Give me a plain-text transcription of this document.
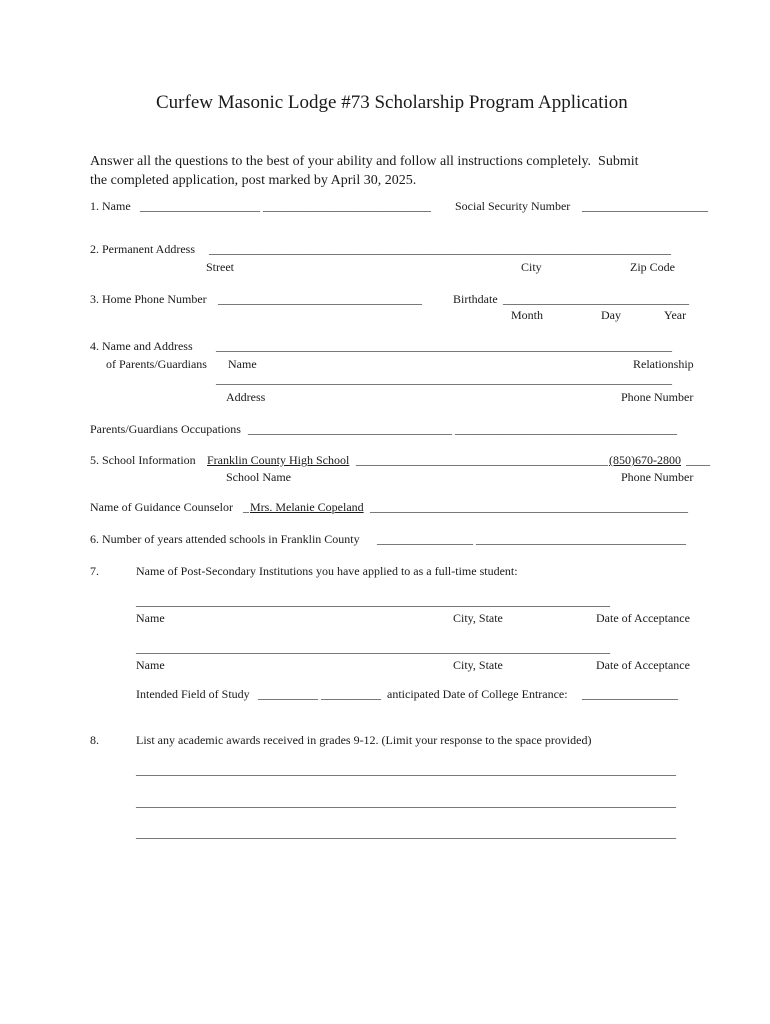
Curfew Masonic Lodge #73 Scholarship Program Application
Answer all the questions to the best of your ability and follow all instructions completely.  Submit
the completed application, post marked by April 30, 2025.
1. Name ____________________ ____________________________ Social Security Number _____________________
2. Permanent Address _____________________________________________________________________________
Street	City	Zip Code
3. Home Phone Number __________________________________	Birthdate _______________________________
Month	Day	Year
4. Name and Address
of Parents/Guardians
____________________________________________________________________________
Name	Relationship
____________________________________________________________________________
Address	Phone Number
Parents/Guardians Occupations __________________________________ _____________________________________
5. School Information Franklin County High School __________________________________________ (850)670-2800 ____
School Name	Phone Number
Name of Guidance Counselor _ Mrs. Melanie Copeland _____________________________________________________
6. Number of years attended schools in Franklin County ________________ ___________________________________
7.	Name of Post-Secondary Institutions you have applied to as a full-time student:
_______________________________________________________________________________
Name	City, State	Date of Acceptance
_______________________________________________________________________________
Name	City, State	Date of Acceptance
Intended Field of Study __________ __________ anticipated Date of College Entrance: ________________
8.	List any academic awards received in grades 9-12. (Limit your response to the space provided)
__________________________________________________________________________________________
__________________________________________________________________________________________
__________________________________________________________________________________________
